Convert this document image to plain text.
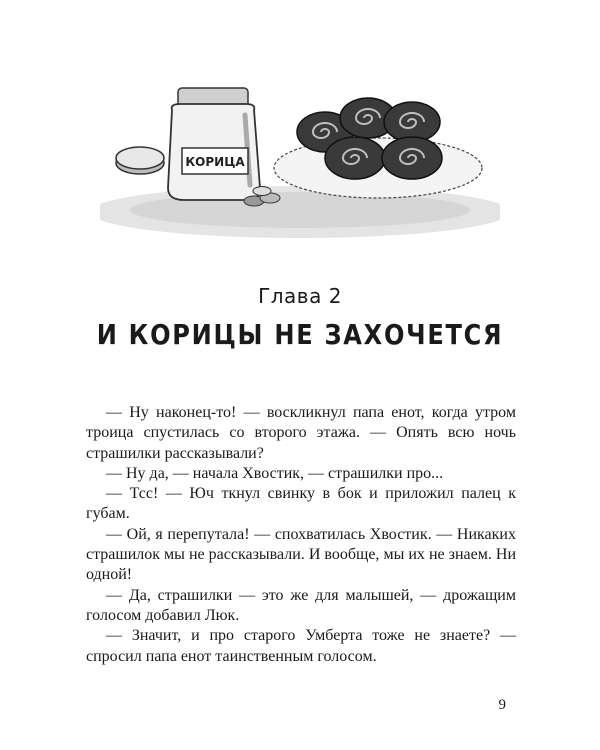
КОРИЦА
Глава 2
И КОРИЦЫ НЕ ЗАХОЧЕТСЯ

— Ну наконец-то! — воскликнул папа енот, когда утром троица спустилась со второго этажа. — Опять всю ночь страшилки рассказывали?

— Ну да, — начала Хвостик, — страшилки про...

— Тсс! — Юч ткнул свинку в бок и приложил палец к губам.

— Ой, я перепутала! — спохватилась Хвостик. — Никаких страшилок мы не рассказывали. И вообще, мы их не знаем. Ни одной!

— Да, страшилки — это же для малышей, — дрожащим голосом добавил Люк.

— Значит, и про старого Умберта тоже не знаете? — спросил папа енот таинственным голосом.

9
